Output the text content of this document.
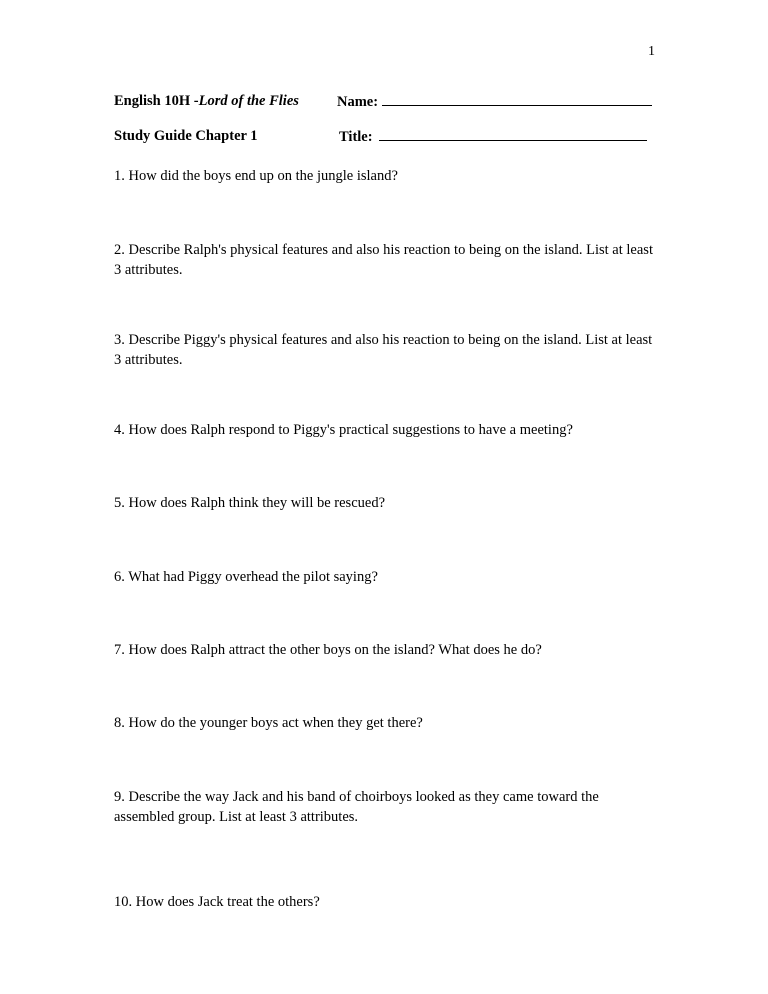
1
English 10H -Lord of the Flies
Study Guide Chapter 1
Name:
Title:
1. How did the boys end up on the jungle island?
2. Describe Ralph's physical features and also his reaction to being on the island. List at least 3 attributes.
3. Describe Piggy's physical features and also his reaction to being on the island. List at least 3 attributes.
4. How does Ralph respond to Piggy's practical suggestions to have a meeting?
5. How does Ralph think they will be rescued?
6. What had Piggy overhead the pilot saying?
7. How does Ralph attract the other boys on the island? What does he do?
8. How do the younger boys act when they get there?
9. Describe the way Jack and his band of choirboys looked as they came toward the assembled group. List at least 3 attributes.
10. How does Jack treat the others?
